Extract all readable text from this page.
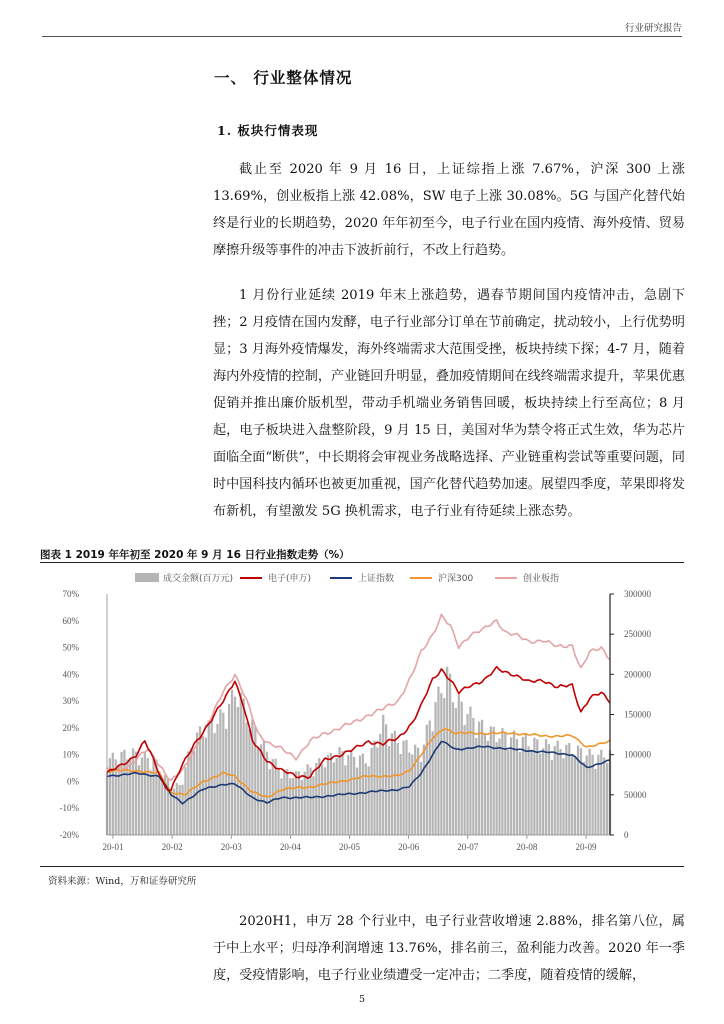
行业研究报告
一、 行业整体情况
1. 板块行情表现
截止至 2020 年 9 月 16 日，上证综指上涨 7.67%，沪深 300 上涨 13.69%，创业板指上涨 42.08%，SW 电子上涨 30.08%。5G 与国产化替代始终是行业的长期趋势，2020 年年初至今，电子行业在国内疫情、海外疫情、贸易摩擦升级等事件的冲击下波折前行，不改上行趋势。
1 月份行业延续 2019 年末上涨趋势，遇春节期间国内疫情冲击，急剧下挫；2 月疫情在国内发酵，电子行业部分订单在节前确定，扰动较小，上行优势明显；3 月海外疫情爆发，海外终端需求大范围受挫，板块持续下探；4-7 月，随着海内外疫情的控制，产业链回升明显，叠加疫情期间在线终端需求提升，苹果优惠促销并推出廉价版机型，带动手机端业务销售回暖，板块持续上行至高位；8 月起，电子板块进入盘整阶段，9 月 15 日，美国对华为禁令将正式生效，华为芯片面临全面“断供”，中长期将会审视业务战略选择、产业链重构尝试等重要问题，同时中国科技内循环也被更加重视，国产化替代趋势加速。展望四季度，苹果即将发布新机，有望激发 5G 换机需求，电子行业有待延续上涨态势。
图表 1 2019 年年初至 2020 年 9 月 16 日行业指数走势（%）
成交金额(百万元)	电子(申万)	上证指数	沪深300	创业板指
70%
60%
50%
40%
30%
20%
10%
0%
-10%
-20%
300000
250000
200000
150000
100000
50000
0
20-01	20-02	20-03	20-04	20-05	20-06	20-07	20-08	20-09
资料来源：Wind，万和证券研究所
2020H1，申万 28 个行业中，电子行业营收增速 2.88%，排名第八位，属于中上水平；归母净利润增速 13.76%，排名前三，盈利能力改善。2020 年一季度，受疫情影响，电子行业业绩遭受一定冲击；二季度，随着疫情的缓解，
5
